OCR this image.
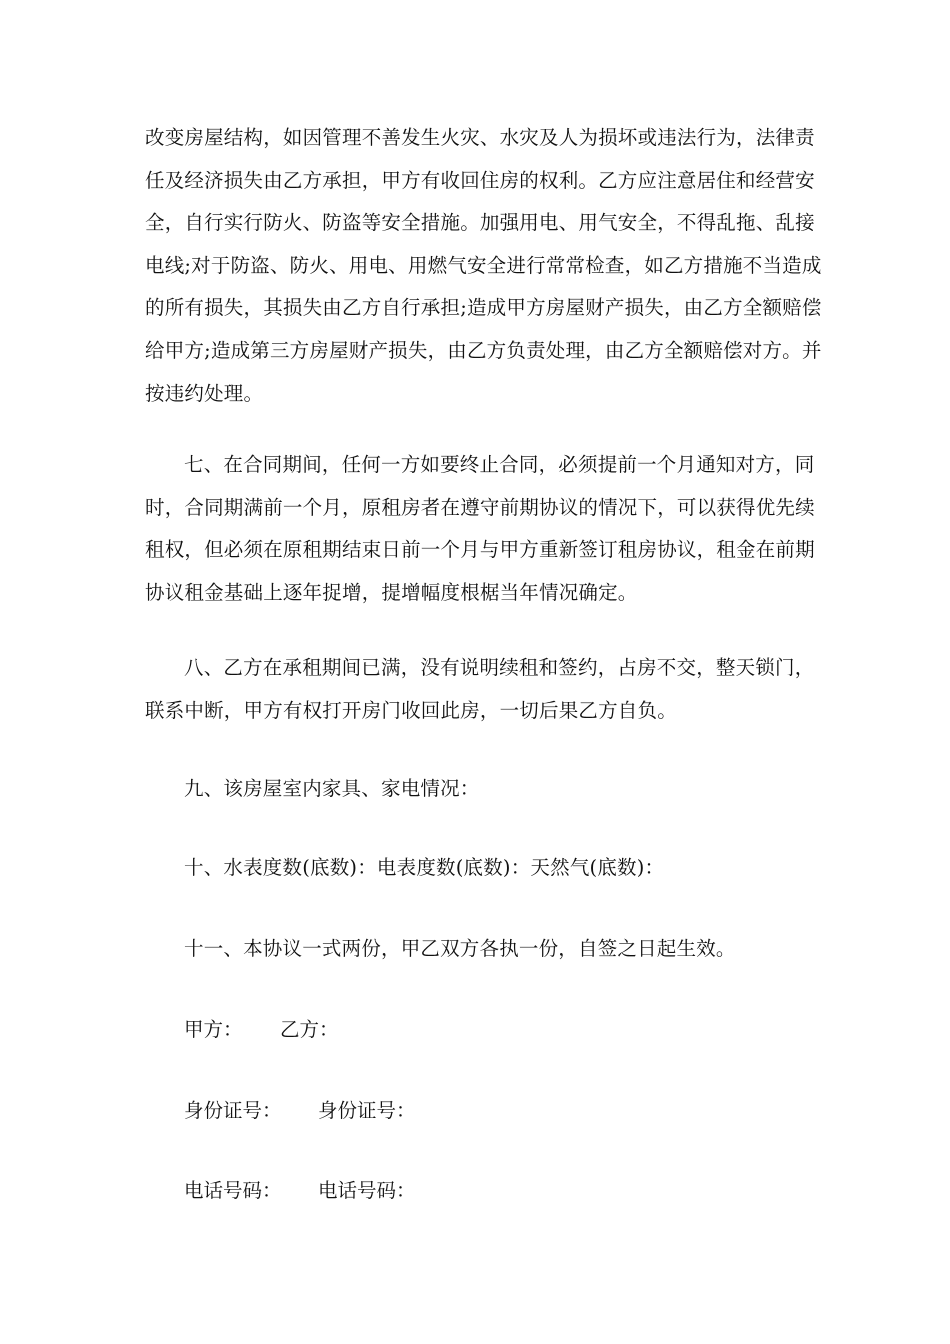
改变房屋结构，如因管理不善发生火灾、水灾及人为损坏或违法行为，法律责
任及经济损失由乙方承担，甲方有收回住房的权利。乙方应注意居住和经营安
全，自行实行防火、防盗等安全措施。加强用电、用气安全，不得乱拖、乱接
电线;对于防盗、防火、用电、用燃气安全进行常常检查，如乙方措施不当造成
的所有损失，其损失由乙方自行承担;造成甲方房屋财产损失，由乙方全额赔偿
给甲方;造成第三方房屋财产损失，由乙方负责处理，由乙方全额赔偿对方。并
按违约处理。
七、在合同期间，任何一方如要终止合同，必须提前一个月通知对方，同
时，合同期满前一个月，原租房者在遵守前期协议的情况下，可以获得优先续
租权，但必须在原租期结束日前一个月与甲方重新签订租房协议，租金在前期
协议租金基础上逐年捉增，提增幅度根椐当年情况确定。
八、乙方在承租期间已满，没有说明续租和签约，占房不交，整天锁门，
联系中断，甲方有权打开房门收回此房，一切后果乙方自负。
九、该房屋室内家具、家电情况：
十、水表度数(底数)：电表度数(底数)：天然气(底数)：
十一、本协议一式两份，甲乙双方各执一份，自签之日起生效。
甲方： 乙方：
身份证号： 身份证号：
电话号码： 电话号码：
